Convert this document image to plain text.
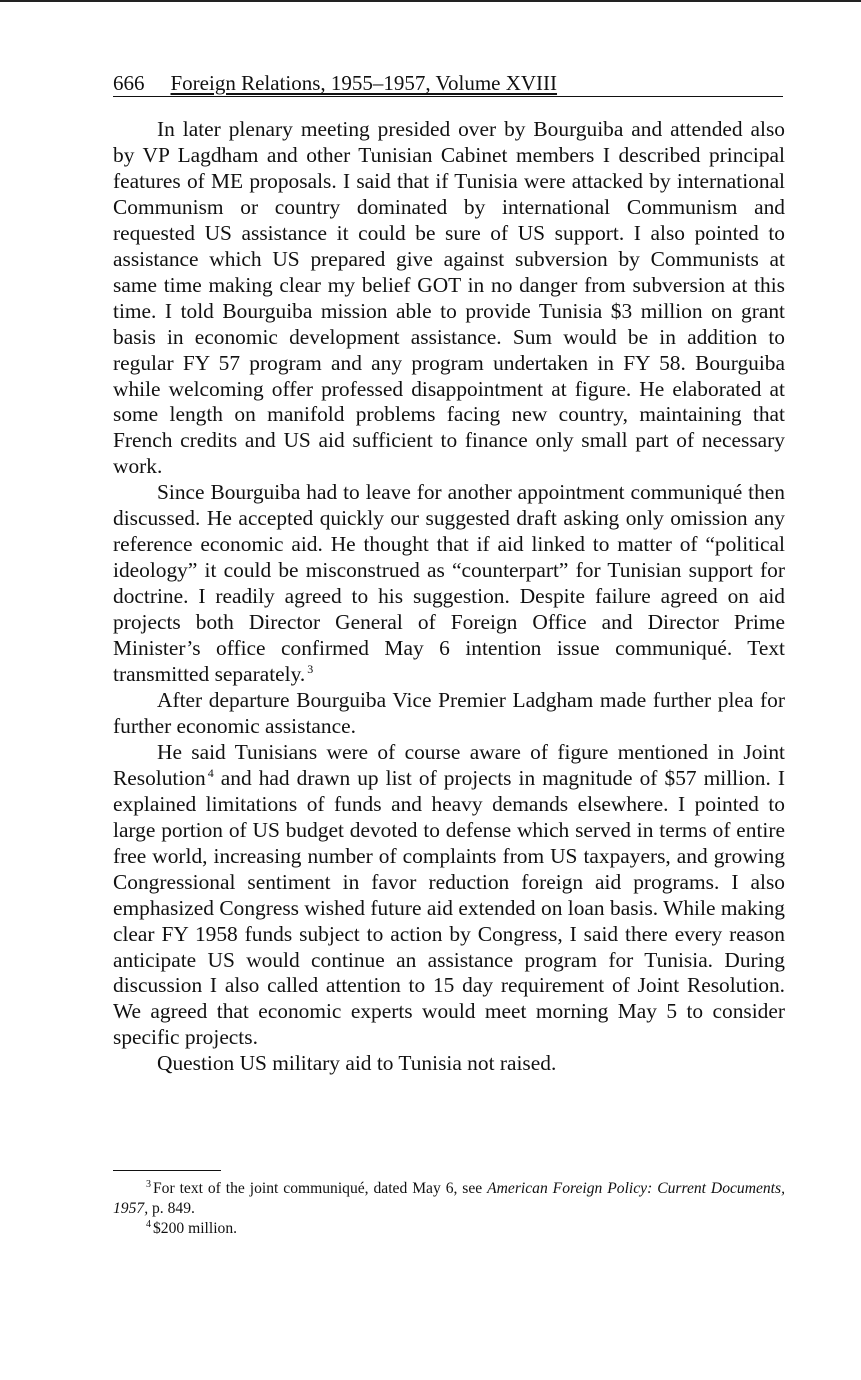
666 Foreign Relations, 1955–1957, Volume XVIII

In later plenary meeting presided over by Bourguiba and attended also by VP Lagdham and other Tunisian Cabinet members I described principal features of ME proposals. I said that if Tunisia were attacked by international Communism or country dominated by international Communism and requested US assistance it could be sure of US support. I also pointed to assistance which US prepared give against subversion by Communists at same time making clear my belief GOT in no danger from subversion at this time. I told Bourguiba mission able to provide Tunisia $3 million on grant basis in economic development assistance. Sum would be in addition to regular FY 57 program and any program undertaken in FY 58. Bourguiba while welcoming offer professed disappointment at figure. He elaborated at some length on manifold problems facing new country, maintaining that French credits and US aid sufficient to finance only small part of necessary work.

Since Bourguiba had to leave for another appointment communiqué then discussed. He accepted quickly our suggested draft asking only omission any reference economic aid. He thought that if aid linked to matter of “political ideology” it could be misconstrued as “counterpart” for Tunisian support for doctrine. I readily agreed to his suggestion. Despite failure agreed on aid projects both Director General of Foreign Office and Director Prime Minister’s office confirmed May 6 intention issue communiqué. Text transmitted separately. $^3$

After departure Bourguiba Vice Premier Ladgham made further plea for further economic assistance.

He said Tunisians were of course aware of figure mentioned in Joint Resolution $^4$ and had drawn up list of projects in magnitude of $57 million. I explained limitations of funds and heavy demands elsewhere. I pointed to large portion of US budget devoted to defense which served in terms of entire free world, increasing number of complaints from US taxpayers, and growing Congressional sentiment in favor reduction foreign aid programs. I also emphasized Congress wished future aid extended on loan basis. While making clear FY 1958 funds subject to action by Congress, I said there every reason anticipate US would continue an assistance program for Tunisia. During discussion I also called attention to 15 day requirement of Joint Resolution. We agreed that economic experts would meet morning May 5 to consider specific projects.

Question US military aid to Tunisia not raised.

$^3$ For text of the joint communiqué, dated May 6, see American Foreign Policy: Current Documents, 1957, p. 849.

$^4$ $200 million.
